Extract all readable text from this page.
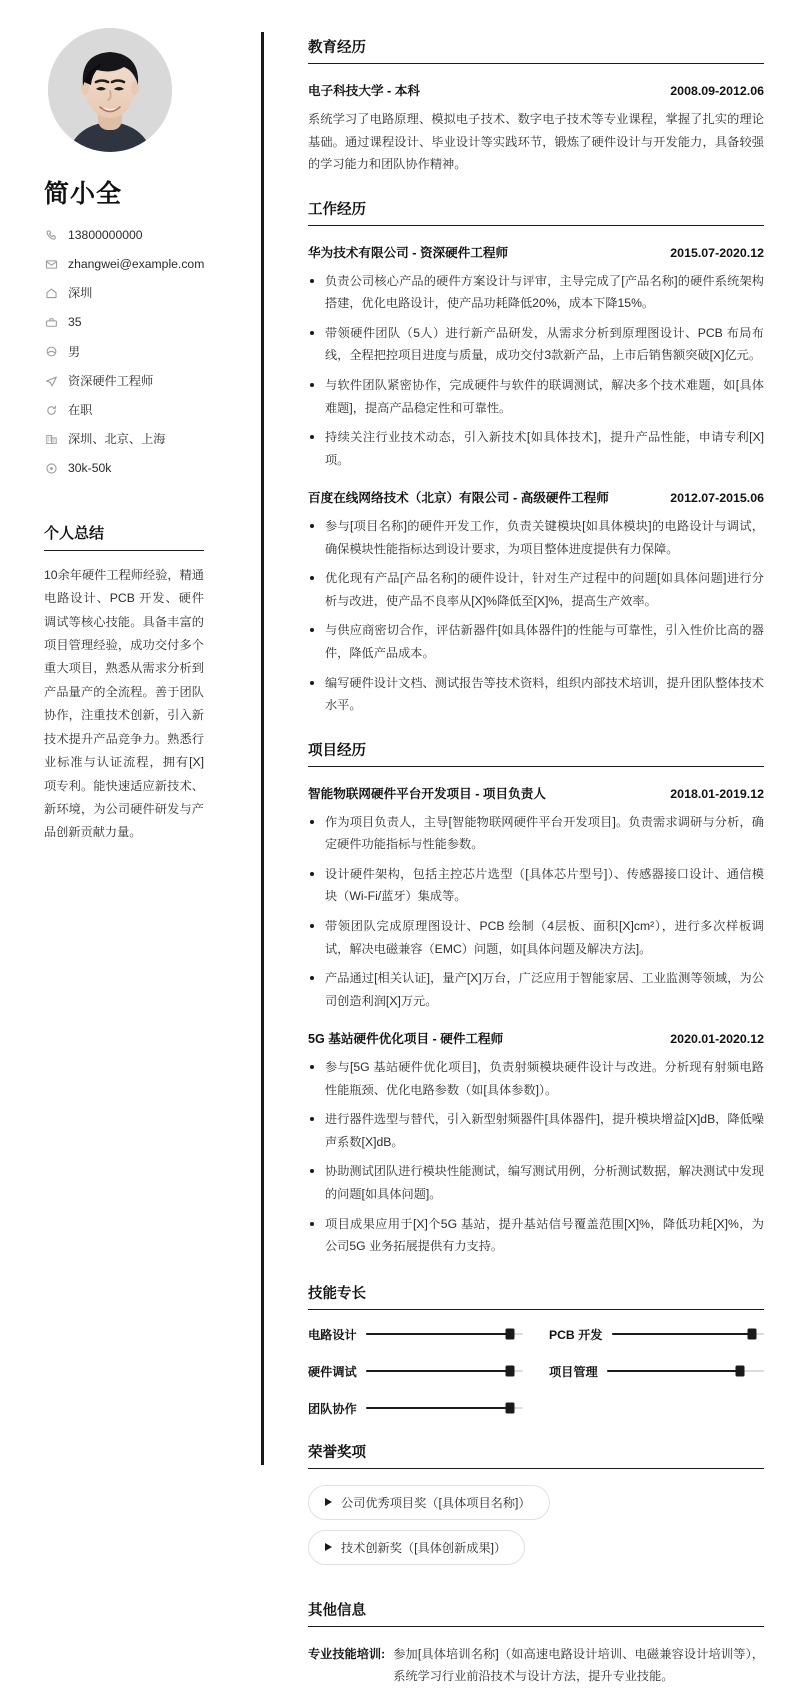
简小全
13800000000
zhangwei@example.com
深圳
35
男
资深硬件工程师
在职
深圳、北京、上海
30k-50k
个人总结
10余年硬件工程师经验，精通电路设计、PCB 开发、硬件调试等核心技能。具备丰富的项目管理经验，成功交付多个重大项目，熟悉从需求分析到产品量产的全流程。善于团队协作，注重技术创新，引入新技术提升产品竞争力。熟悉行业标准与认证流程，拥有[X]项专利。能快速适应新技术、新环境，为公司硬件研发与产品创新贡献力量。
教育经历
电子科技大学 - 本科	2008.09-2012.06
系统学习了电路原理、模拟电子技术、数字电子技术等专业课程，掌握了扎实的理论基础。通过课程设计、毕业设计等实践环节，锻炼了硬件设计与开发能力，具备较强的学习能力和团队协作精神。
工作经历
华为技术有限公司 - 资深硬件工程师	2015.07-2020.12
负责公司核心产品的硬件方案设计与评审，主导完成了[产品名称]的硬件系统架构搭建，优化电路设计，使产品功耗降低20%，成本下降15%。
带领硬件团队（5人）进行新产品研发，从需求分析到原理图设计、PCB 布局布线，全程把控项目进度与质量，成功交付3款新产品，上市后销售额突破[X]亿元。
与软件团队紧密协作，完成硬件与软件的联调测试，解决多个技术难题，如[具体难题]，提高产品稳定性和可靠性。
持续关注行业技术动态，引入新技术[如具体技术]，提升产品性能，申请专利[X]项。
百度在线网络技术（北京）有限公司 - 高级硬件工程师	2012.07-2015.06
参与[项目名称]的硬件开发工作，负责关键模块[如具体模块]的电路设计与调试，确保模块性能指标达到设计要求，为项目整体进度提供有力保障。
优化现有产品[产品名称]的硬件设计，针对生产过程中的问题[如具体问题]进行分析与改进，使产品不良率从[X]%降低至[X]%，提高生产效率。
与供应商密切合作，评估新器件[如具体器件]的性能与可靠性，引入性价比高的器件，降低产品成本。
编写硬件设计文档、测试报告等技术资料，组织内部技术培训，提升团队整体技术水平。
项目经历
智能物联网硬件平台开发项目 - 项目负责人	2018.01-2019.12
作为项目负责人，主导[智能物联网硬件平台开发项目]。负责需求调研与分析，确定硬件功能指标与性能参数。
设计硬件架构，包括主控芯片选型（[具体芯片型号]）、传感器接口设计、通信模块（Wi-Fi/蓝牙）集成等。
带领团队完成原理图设计、PCB 绘制（4层板、面积[X]cm²），进行多次样板调试，解决电磁兼容（EMC）问题，如[具体问题及解决方法]。
产品通过[相关认证]，量产[X]万台，广泛应用于智能家居、工业监测等领域，为公司创造利润[X]万元。
5G 基站硬件优化项目 - 硬件工程师	2020.01-2020.12
参与[5G 基站硬件优化项目]，负责射频模块硬件设计与改进。分析现有射频电路性能瓶颈、优化电路参数（如[具体参数]）。
进行器件选型与替代，引入新型射频器件[具体器件]，提升模块增益[X]dB，降低噪声系数[X]dB。
协助测试团队进行模块性能测试，编写测试用例，分析测试数据，解决测试中发现的问题[如具体问题]。
项目成果应用于[X]个5G 基站，提升基站信号覆盖范围[X]%，降低功耗[X]%，为公司5G 业务拓展提供有力支持。
技能专长
电路设计	PCB 开发
硬件调试	项目管理
团队协作
荣誉奖项
公司优秀项目奖（[具体项目名称]）
技术创新奖（[具体创新成果]）
其他信息
专业技能培训: 参加[具体培训名称]（如高速电路设计培训、电磁兼容设计培训等），系统学习行业前沿技术与设计方法，提升专业技能。
